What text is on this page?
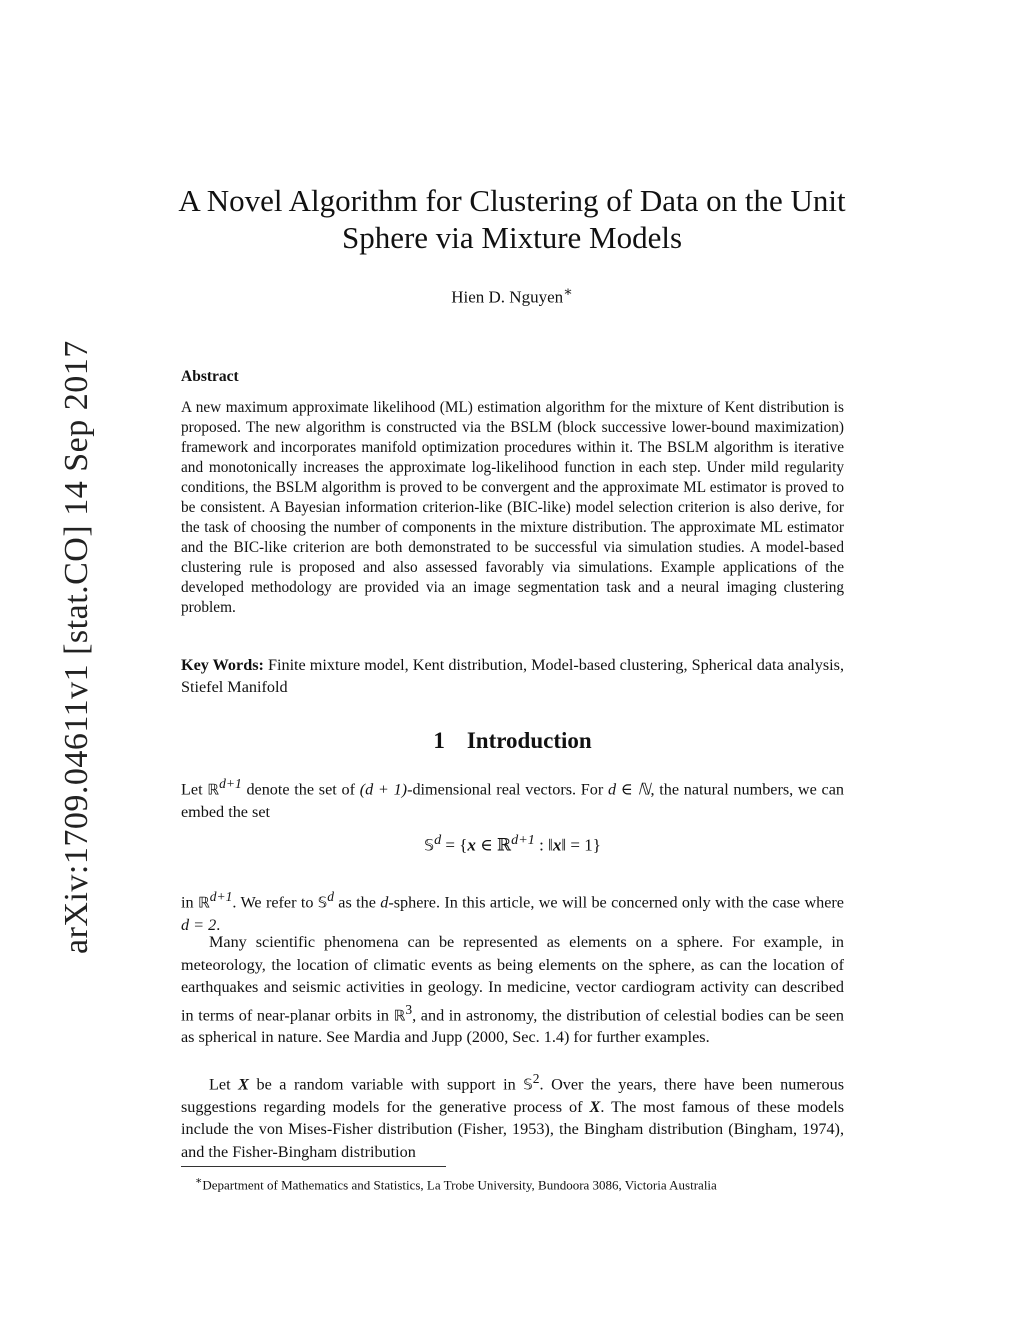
arXiv:1709.04611v1 [stat.CO] 14 Sep 2017
A Novel Algorithm for Clustering of Data on the Unit Sphere via Mixture Models
Hien D. Nguyen∗
Abstract
A new maximum approximate likelihood (ML) estimation algorithm for the mixture of Kent distribution is proposed. The new algorithm is constructed via the BSLM (block successive lower-bound maximization) framework and incorporates manifold optimization procedures within it. The BSLM algorithm is iterative and monotonically increases the approximate log-likelihood function in each step. Under mild regularity conditions, the BSLM algorithm is proved to be convergent and the approximate ML estimator is proved to be consistent. A Bayesian information criterion-like (BIC-like) model selection criterion is also derive, for the task of choosing the number of components in the mixture distribution. The approximate ML estimator and the BIC-like criterion are both demonstrated to be successful via simulation studies. A model-based clustering rule is proposed and also assessed favorably via simulations. Example applications of the developed methodology are provided via an image segmentation task and a neural imaging clustering problem.
Key Words: Finite mixture model, Kent distribution, Model-based clustering, Spherical data analysis, Stiefel Manifold
1 Introduction
Let ℝ$^{d+1}$ denote the set of (d + 1)-dimensional real vectors. For d ∈ ℕ, the natural numbers, we can embed the set
𝕊$^d$ = {x ∈ ℝ$^{d+1}$ : ‖x‖ = 1}
in ℝ$^{d+1}$. We refer to 𝕊$^d$ as the d-sphere. In this article, we will be concerned only with the case where d = 2.
Many scientific phenomena can be represented as elements on a sphere. For example, in meteorology, the location of climatic events as being elements on the sphere, as can the location of earthquakes and seismic activities in geology. In medicine, vector cardiogram activity can described in terms of near-planar orbits in ℝ$^3$, and in astronomy, the distribution of celestial bodies can be seen as spherical in nature. See Mardia and Jupp (2000, Sec. 1.4) for further examples.
Let X be a random variable with support in 𝕊$^2$. Over the years, there have been numerous suggestions regarding models for the generative process of X. The most famous of these models include the von Mises-Fisher distribution (Fisher, 1953), the Bingham distribution (Bingham, 1974), and the Fisher-Bingham distribution
∗Department of Mathematics and Statistics, La Trobe University, Bundoora 3086, Victoria Australia
